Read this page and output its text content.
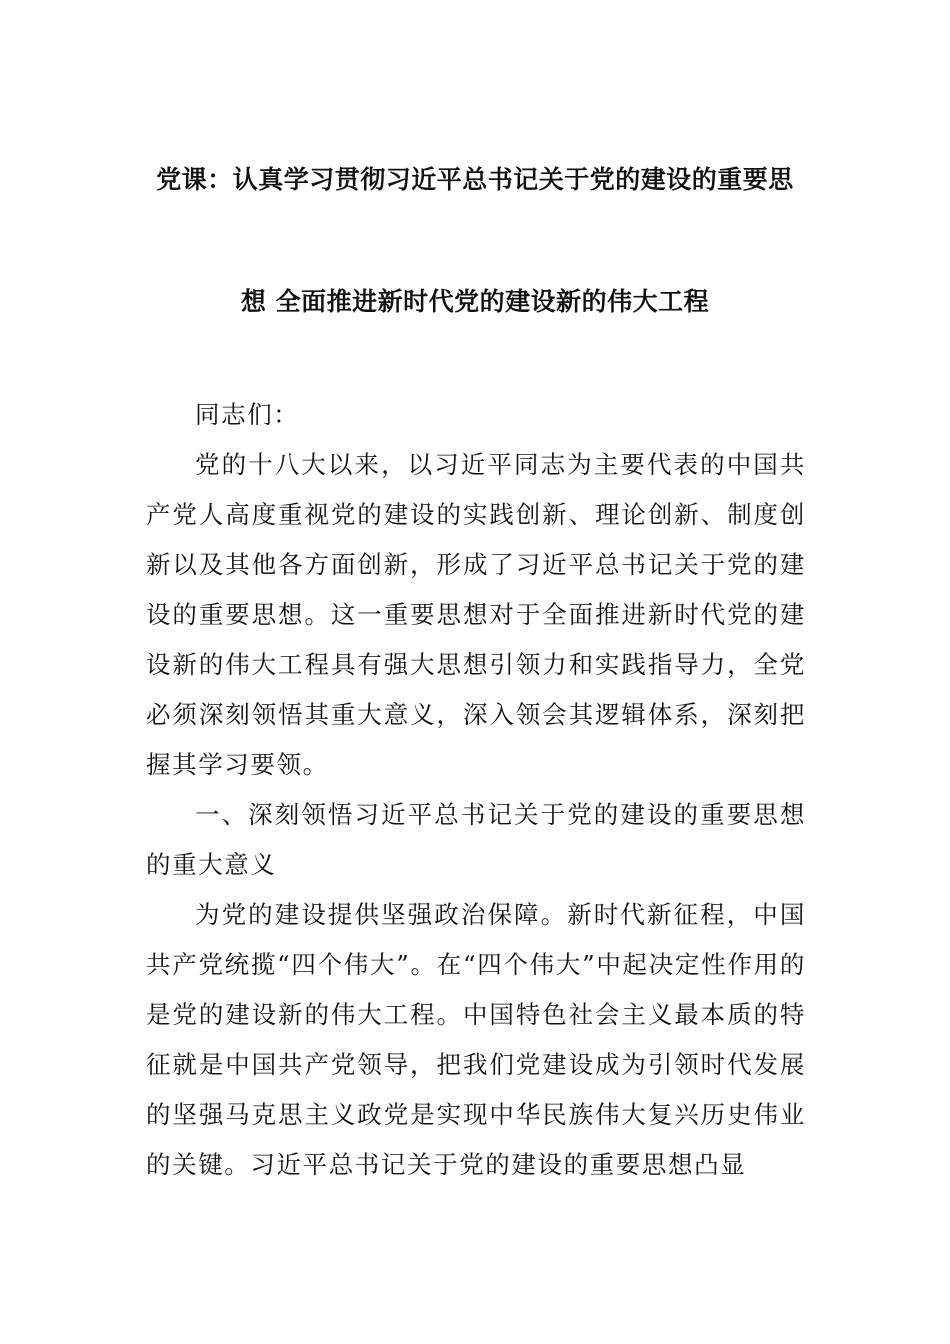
党课：认真学习贯彻习近平总书记关于党的建设的重要思
想 全面推进新时代党的建设新的伟大工程

同志们：

党的十八大以来，以习近平同志为主要代表的中国共产党人高度重视党的建设的实践创新、理论创新、制度创新以及其他各方面创新，形成了习近平总书记关于党的建设的重要思想。这一重要思想对于全面推进新时代党的建设新的伟大工程具有强大思想引领力和实践指导力，全党必须深刻领悟其重大意义，深入领会其逻辑体系，深刻把握其学习要领。

一、深刻领悟习近平总书记关于党的建设的重要思想的重大意义

为党的建设提供坚强政治保障。新时代新征程，中国共产党统揽“四个伟大”。在“四个伟大”中起决定性作用的是党的建设新的伟大工程。中国特色社会主义最本质的特征就是中国共产党领导，把我们党建设成为引领时代发展的坚强马克思主义政党是实现中华民族伟大复兴历史伟业的关键。习近平总书记关于党的建设的重要思想凸显
